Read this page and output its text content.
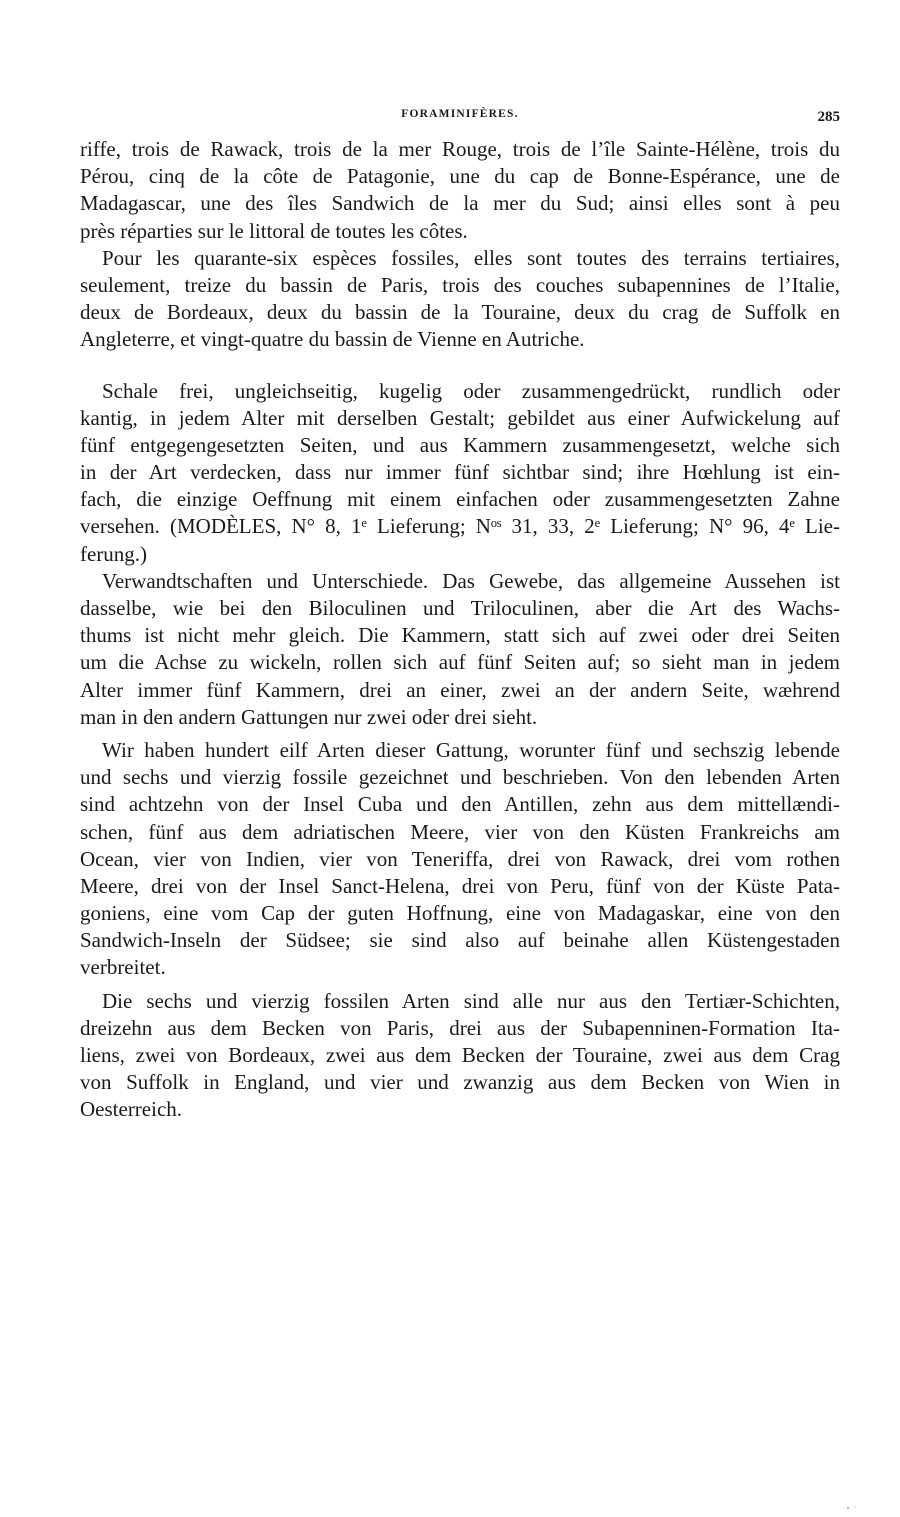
FORAMINIFÈRES.	285
riffe, trois de Rawack, trois de la mer Rouge, trois de l’île Sainte-Hélène, trois du
Pérou, cinq de la côte de Patagonie, une du cap de Bonne-Espérance, une de
Madagascar, une des îles Sandwich de la mer du Sud; ainsi elles sont à peu
près réparties sur le littoral de toutes les côtes.
Pour les quarante-six espèces fossiles, elles sont toutes des terrains tertiaires,
seulement, treize du bassin de Paris, trois des couches subapennines de l’Italie,
deux de Bordeaux, deux du bassin de la Touraine, deux du crag de Suffolk en
Angleterre, et vingt-quatre du bassin de Vienne en Autriche.
Schale frei, ungleichseitig, kugelig oder zusammengedrückt, rundlich oder
kantig, in jedem Alter mit derselben Gestalt; gebildet aus einer Aufwickelung auf
fünf entgegengesetzten Seiten, und aus Kammern zusammengesetzt, welche sich
in der Art verdecken, dass nur immer fünf sichtbar sind; ihre Hœhlung ist ein-
fach, die einzige Oeffnung mit einem einfachen oder zusammengesetzten Zahne
versehen. (MODÈLES, N° 8, 1ᵉ Lieferung; Nᵒˢ 31, 33, 2ᵉ Lieferung; N° 96, 4ᵉ Lie-
ferung.)
Verwandtschaften und Unterschiede. Das Gewebe, das allgemeine Aussehen ist
dasselbe, wie bei den Biloculinen und Triloculinen, aber die Art des Wachs-
thums ist nicht mehr gleich. Die Kammern, statt sich auf zwei oder drei Seiten
um die Achse zu wickeln, rollen sich auf fünf Seiten auf; so sieht man in jedem
Alter immer fünf Kammern, drei an einer, zwei an der andern Seite, wæhrend
man in den andern Gattungen nur zwei oder drei sieht.
Wir haben hundert eilf Arten dieser Gattung, worunter fünf und sechszig lebende
und sechs und vierzig fossile gezeichnet und beschrieben. Von den lebenden Arten
sind achtzehn von der Insel Cuba und den Antillen, zehn aus dem mittellændi-
schen, fünf aus dem adriatischen Meere, vier von den Küsten Frankreichs am
Ocean, vier von Indien, vier von Teneriffa, drei von Rawack, drei vom rothen
Meere, drei von der Insel Sanct-Helena, drei von Peru, fünf von der Küste Pata-
goniens, eine vom Cap der guten Hoffnung, eine von Madagaskar, eine von den
Sandwich-Inseln der Südsee; sie sind also auf beinahe allen Küstengestaden
verbreitet.
Die sechs und vierzig fossilen Arten sind alle nur aus den Tertiær-Schichten,
dreizehn aus dem Becken von Paris, drei aus der Subapenninen-Formation Ita-
liens, zwei von Bordeaux, zwei aus dem Becken der Touraine, zwei aus dem Crag
von Suffolk in England, und vier und zwanzig aus dem Becken von Wien in
Oesterreich.
